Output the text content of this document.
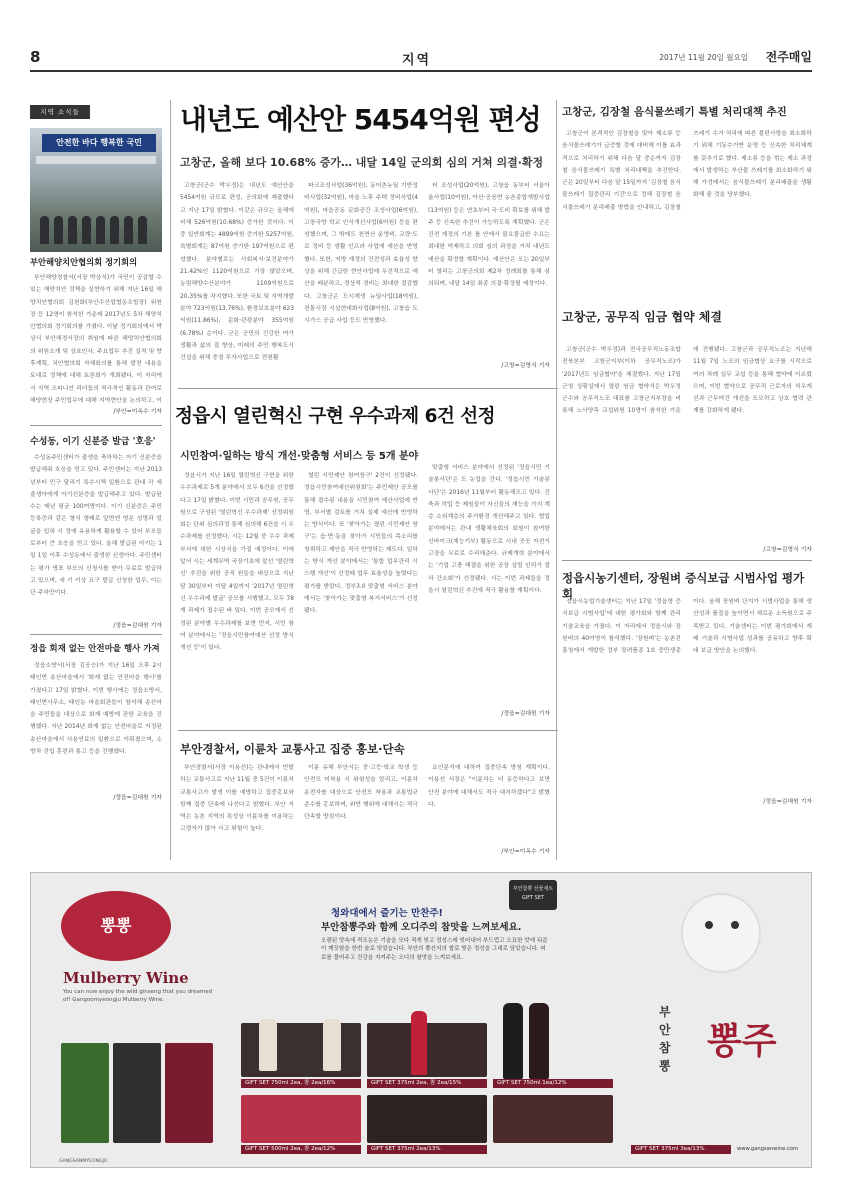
8	지역	2017년 11월 20일 월요일 전주매일
지역 소식들
안전한 바다 행복한 국민
부안해양치안협의회 정기회의

부안해양경찰서(서장 박상식)가 국민이 공감할 수 있는 해양치안 정책을 실현하기 위해 지난 16일 해양치안협의회 김천화(부안수산업협동조합장) 위원장 등 12명이 참석한 가운데 2017년도 5차 해양치안협의회 정기회의를 가졌다. 이날 정기회의에서 박상식 부안해경서장의 취임에 따른 해양치안협의회의 위원소개 및 상호인사, 주요업무 추진 실적 및 향후계획, 치안협의회 자체회의를 통해 발전 내용을 토대로 정책에 대해 토론회가 개최됐다. 이 자리에서 지역 오피니언 리더들의 적극적인 활동과 관여로 해양현장 주민업무에 대해 지역현안을 논의하고, 이

/부안=이옥수 기자
수성동, 이기 신분증 발급 '호응'

수성동주민센터가 출생을 축하하는 아기 신분증을 발급해줘 호응을 얻고 있다. 주민센터는 지난 2013년부터 민구 달리기 특수시책 일환으로 관내 각 세 출생아에게 아기신분증을 발급해주고 있다. 발급된 수는 매년 평균 100여명이다. 이기 신분증은 주민등록증과 같은 형식 형태로 앞면엔 영문 성명과 얼굴을 입혀 시 정에 유용하게 활용할 수 있어 부모들로부터 큰 호응을 얻고 있다. 올해 발급된 아기는 1일 1일 이후 수성동에서 출생한 신생아다. 주민센터는 평가 명표 부모의 신청서를 받아 무료로 발급하고 있으며, 세 기 이상 요구 발급 신청한 업무, 이는 단 주차만이다.

/정읍=김대원 기자
정읍 회재 없는 안전마을 행사 가져

정읍소방서(서장 김공승)가 지난 16일 오후 2시 태인면 송산마을에서 '화재 없는 안전마을 행사'를 가졌다고 17일 밝혔다. 이번 행사에는 정읍소방서, 태인면사무소, 태인농 마을회관들이 참석해 송산마을 주민들을 대상으로 화재 예방에 관한 교육을 진행했다. 지난 2014년 화재 없는 안전마을로 지정된 송산마을에서 사용연료의 일환으로 이뤄졌으며, 소방차 진입 훈련과 통고 등을 진행했다.

/정읍=김대원 기자
내년도 예산안 5454억원 편성
고창군, 올해 보다 10.68% 증가… 내달 14일 군의회 심의 거쳐 의결·확정

고창군(군수 박우정)은 내년도 예산안을 5454억원 규모로 편성, 군의회에 제출했다고 지난 17일 밝혔다. 이같은 규모는 올해에 비해 526억원(10.68%) 증가한 것이다. 이 중 일반회계는 4899억원 증가한 5257억원, 특별회계는 87억원 증가한 197억원으로 편성했다. 분야별로는 사회복지·보건분야가 21.42%인 1120억원으로 가장 많았으며, 농림해양수산분야가 1109억원으로 20.35%를 차지했다. 또한 국토 및 지역개발분야 723억원(13.76%), 환경보호분야 623억원(11.86%), 문화·관광분야 355억원(6.78%) 순이다. 군은 군민의 건강한 여가생활과 삶의 질 향상, 미래의 주민 행복도시 건설을 위해 중점 투자사업으로 전천활

파크조성사업(36억원), 동어촌뉴딜 기반정비사업(32억원), 마을 노후 주택 정비사업(4억원), 마을공동 문화공간 조성사업(6억원), 고창국방 학교 인식개선사업(6억원) 등을 편성했으며, 그 밖에도 천면산 운영비, 교량·도로 정비 등 생활 인프라 사업에 예산을 반영했다. 또한, 지방 재정의 건전성과 효율성 향상을 위해 긴급한 현안사업에 우선적으로 예산을 배분하고, 경상적 경비는 최대한 절감했다. 고창군은 도시재생 뉴딜사업(18억원), 전통시장 시설현대화사업(8억원), 고창읍 도시가스 공급 사업 등도 반영했다.

터 조성사업(20억원), 고창읍 동부터 서울아울사업(10억원), 아산·공음면 농촌종합개발사업(13억원) 등은 연초부터 국·도비 확보를 위해 발주 등 신속한 추진이 가능하도록 계획했다. 군은 건전 재정의 기본 틀 안에서 불요불급한 수요는 최대한 억제하고 의회 심의 과정을 거쳐 내년도 예산을 확정할 계획이다. 예산안은 오는 20일부터 열리는 고창군의회 제2차 정례회를 통해 심의되며, 내달 14일 최종 의결·확정될 예정이다.

/고창=김영식 기자
정읍시 열린혁신 구현 우수과제 6건 선정
시민참여·일하는 방식 개선·맞춤형 서비스 등 5개 분야

정읍시가 지난 16일 열린혁신 구현을 위한 우수과제로 5개 분야에서 모두 6건을 선정했다고 17일 밝혔다. 이번 시민과 공무원, 공무원으로 구성된 '열린혁신 우수과제' 선정위원회는 단위 심의과정 통해 심의해 6건을 시 우수과제를 선정했다. 시는 12월 중 우수 과제 부서에 대한 시상식을 가질 예정이다. 이에 앞서 시는 세계무역 국장기초에 앞선 '열린혁신' 추진을 위한 공직 원들을 대상으로 지난 달 30일부터 이달 4일까지 '2017년 열린혁신 우수과제 발굴' 공모를 시행했고, 모두 78개 과제가 접수된 바 있다. 이번 공모에서 선정된 분야별 우수과제를 보면 먼저, 시민 참여 분야에서는 '정읍시민참여예산 선정 방식 개선 등'이 있다.

열린 시민제안 참여창구' 2건이 선정됐다. 정읍시민참여예산위원회'는 주민제안 공모를 통해 접수된 내용을 시민참여 예산사업에 반영, 부서별 검토를 거쳐 실제 예산에 반영하는 방식이다. 또 '찾아가는 열린 시민제안 창구'는 읍·면·동을 찾아가 시민들의 목소리를 청취하고 제안을 적극 반영하는 제도다. 일하는 방식 개선 분야에서는 '통합 업무관리 시스템 개선'이 선정돼 업무 효율성을 높였다는 평가를 받았다. 정부3.0 맞춤형 서비스 분야에서는 '찾아가는 맞춤형 복지서비스'가 선정됐다.

맞춤형 서비스 분야에서 선정된 '정읍시민 기술봉사단'은 도 농업을 간다. '정읍시민 기술봉사단'은 2016년 11월부터 활동해오고 있다. 건축과 작업 등 제원들이 자신들의 재능을 가지 계층 소외계층의 주거환경 개선해주고 있다. 협업 분야에서는 관내 생활체육회의 회원이 참여한 신바이크(재능기부) 활동으로 시내 곳곳 자전거 고장을 무료로 수리해준다. 규제개혁 분야에서는 '기업 고충 해결을 위한 공장 설립 인허가 절차 간소화'가 선정됐다. 시는 이번 과제들을 정읍시 열린혁신 추진에 적극 활용할 계획이다.

/정읍=김대원 기자
부안경찰서, 이륜차 교통사고 집중 홍보·단속

부안경찰서(서장 이용선)는 관내에서 빈발하는 교통사고로 지난 11월 중 5건이 이륜차 교통사고가 발생 이를 예방하고 집중홍보와 함께 집중 단속에 나선다고 밝혔다. 부안 지역은 농촌 지역의 특성상 이륜차를 이용하는 고령자가 많아 사고 위험이 높다.

이륜 유해 부안서는 중·고등·학교 학생 등 안전모 미착용 시 위험성을 알리고, 이륜차 운전자를 대상으로 안전모 착용과 교통법규 준수를 홍보하며, 위반 행위에 대해서는 적극 단속할 방침이다.

요인분석에 대하여 집중단속 방침 계획이다. 이용선 서장은 "이륜차는 더 동등하다고 보면 안전 분야에 대해서도 적극 대처하겠다"고 밝혔다.

/부안=이옥수 기자
고창군, 김장철 음식물쓰레기 특별 처리대책 추진

고창군이 본격적인 김장철을 맞아 제소류 등 음식물쓰레기가 급증할 것에 대비해 이를 효과적으로 처리하기 위해 다음 달 중순까지 김장철 음식물쓰레기 특별 처리대책을 추진한다. 군은 20일부터 다음 달 15일까지 '김장철 음식물쓰레기 집중관리 기간'으로 정해 김장철 음식물쓰레기 분리배출 방법을 안내하고, 김장철 쓰레기 수거·처리에 따른 불편사항을 최소화하기 위해 기동수거반 운영 등 신속한 처리체계를 갖추기로 했다. 제소류 등을 꺾는 제소 과정에서 발생하는 부산물 쓰레기를 최소화하기 위해 가정에서는 음식물쓰레기 분리배출을 생활화해 줄 것을 당부했다.

고창군, 공무직 임금 협약 체결

고창군(군수 박우정)과 전국공무직노동조합 전북본부 고창군지부(이하 공무직노조)가 '2017년도 임금협약'을 체결했다. 지난 17일 군청 상황실에서 열린 임금 협약식은 박우정 군수와 공무직노조 대표를 고창군지부장을 비롯해 노사양측 교섭위원 10명이 참석한 가운데 진행됐다. 고창군과 공무직노조는 지난해 11월 7일 노조의 임금협상 요구를 시작으로 여러 차례 실무 교섭 등을 통해 협약에 이르렀으며, 이번 협약으로 공무직 근로자의 처우개선과 근무여건 개선을 도모하고 상호 협력 관계를 강화하게 됐다.

/고창=김영식 기자
정읍시농기센터, 장원벼 증식보급 시범사업 평가회

정읍시농업기술센터는 지난 17일 '정읍형 증식보급 시범사업'에 대한 평가회와 함께 관리기술교육을 가졌다. 이 자리에서 정읍시와 장원벼의 40여명이 참석했다. '장원벼'는 농촌진흥청에서 개발한 정부 장려품종 1호 중만생종이다. 올해 장원벼 단지가 시범사업을 통해 생산성과 품질을 높이면서 새로운 소득원으로 주목받고 있다. 기술센터는 이번 평가회에서 재배 기술과 시범사업 성과를 공유하고 향후 확대 보급 방안을 논의했다.

/정읍=김대원 기자
뽕뽕
Mulberry Wine
You can now enjoy the wild ginseng that you dreamed of! Gangoomyeongju Mulberry Wine.
부안참뽕 선물세트 GIFT SET
청와대에서 즐기는 만찬주!
부안참뽕주와 함께 오디주의 참맛을 느껴보세요.
오랜된 맛속에 적조농은 기술을 모다 적게 빚고 정성스레 빚어내어 부드럽고 오묘한 맛에 뒤끝이 깨끗함을 한번 술로 빚었습니다. 부안의 뽕산지의 쌀로 빚은 정성을 그대로 담았습니다. 피로를 풀어주고 건강을 지켜주는 오디의 참맛을 느껴보세요.
부안참뽕
뽕주
GIFT SET 750ml 2ea, 참 2ea/16%	GIFT SET 375ml 2ea, 참 2ea/15%	GIFT SET 750ml 1ea/12%
GIFT SET 500ml 2ea, 참 2ea/12%	GIFT SET 375ml 2ea/13%	GIFT SET 375ml 3ea/13%
GANGSANMYEONGJU
www.gangsanwine.com
